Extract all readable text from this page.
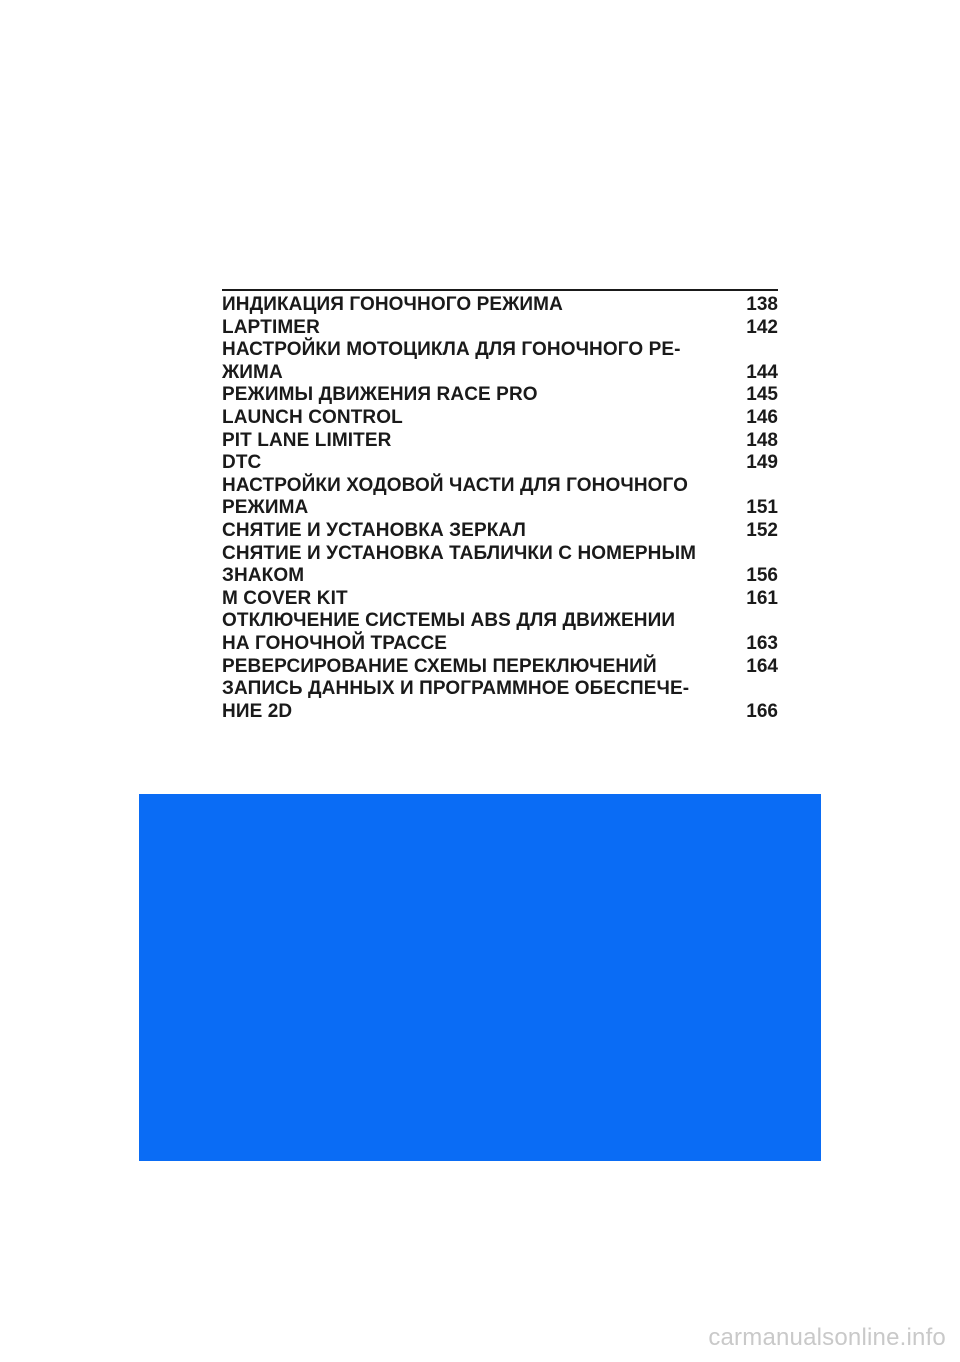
ИНДИКАЦИЯ ГОНОЧНОГО РЕЖИМА	138
LAPTIMER	142
НАСТРОЙКИ МОТОЦИКЛА ДЛЯ ГОНОЧНОГО РЕ-
ЖИМА	144
РЕЖИМЫ ДВИЖЕНИЯ RACE PRO	145
LAUNCH CONTROL	146
PIT LANE LIMITER	148
DTC	149
НАСТРОЙКИ ХОДОВОЙ ЧАСТИ ДЛЯ ГОНОЧНОГО
РЕЖИМА	151
СНЯТИЕ И УСТАНОВКА ЗЕРКАЛ	152
СНЯТИЕ И УСТАНОВКА ТАБЛИЧКИ С НОМЕРНЫМ
ЗНАКОМ	156
M COVER KIT	161
ОТКЛЮЧЕНИЕ СИСТЕМЫ ABS ДЛЯ ДВИЖЕНИИ
НА ГОНОЧНОЙ ТРАССЕ	163
РЕВЕРСИРОВАНИЕ СХЕМЫ ПЕРЕКЛЮЧЕНИЙ	164
ЗАПИСЬ ДАННЫХ И ПРОГРАММНОЕ ОБЕСПЕЧЕ-
НИЕ 2D	166
carmanualsonline.info
